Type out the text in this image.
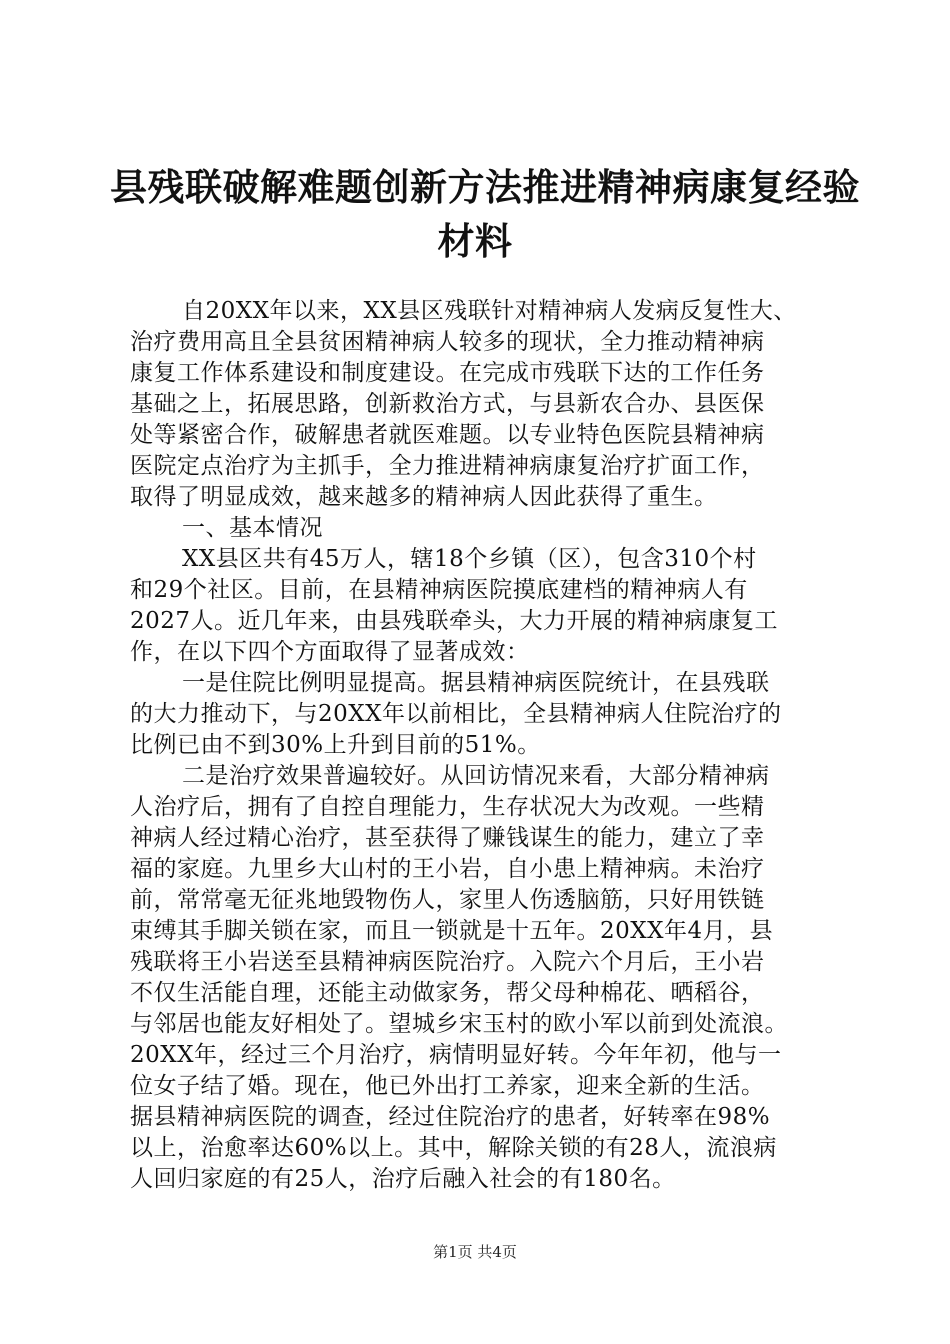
县残联破解难题创新方法推进精神病康复经验
材料
自20XX年以来，XX县区残联针对精神病人发病反复性大、
治疗费用高且全县贫困精神病人较多的现状，全力推动精神病
康复工作体系建设和制度建设。在完成市残联下达的工作任务
基础之上，拓展思路，创新救治方式，与县新农合办、县医保
处等紧密合作，破解患者就医难题。以专业特色医院县精神病
医院定点治疗为主抓手，全力推进精神病康复治疗扩面工作，
取得了明显成效，越来越多的精神病人因此获得了重生。
一、基本情况
XX县区共有45万人，辖18个乡镇（区），包含310个村
和29个社区。目前，在县精神病医院摸底建档的精神病人有
2027人。近几年来，由县残联牵头，大力开展的精神病康复工
作，在以下四个方面取得了显著成效：
一是住院比例明显提高。据县精神病医院统计，在县残联
的大力推动下，与20XX年以前相比，全县精神病人住院治疗的
比例已由不到30%上升到目前的51%。
二是治疗效果普遍较好。从回访情况来看，大部分精神病
人治疗后，拥有了自控自理能力，生存状况大为改观。一些精
神病人经过精心治疗，甚至获得了赚钱谋生的能力，建立了幸
福的家庭。九里乡大山村的王小岩，自小患上精神病。未治疗
前，常常毫无征兆地毁物伤人，家里人伤透脑筋，只好用铁链
束缚其手脚关锁在家，而且一锁就是十五年。20XX年4月，县
残联将王小岩送至县精神病医院治疗。入院六个月后，王小岩
不仅生活能自理，还能主动做家务，帮父母种棉花、晒稻谷，
与邻居也能友好相处了。望城乡宋玉村的欧小军以前到处流浪。
20XX年，经过三个月治疗，病情明显好转。今年年初，他与一
位女子结了婚。现在，他已外出打工养家，迎来全新的生活。
据县精神病医院的调查，经过住院治疗的患者，好转率在98%
以上，治愈率达60%以上。其中，解除关锁的有28人，流浪病
人回归家庭的有25人，治疗后融入社会的有180名。
第1页 共4页
